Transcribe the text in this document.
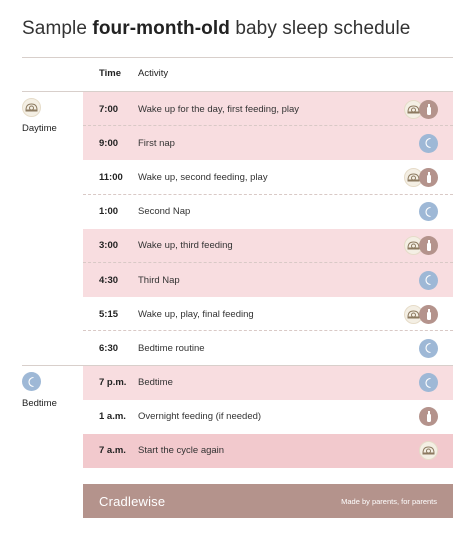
Sample four-month-old baby sleep schedule
Time Activity
Daytime
Bedtime
7:00 Wake up for the day, first feeding, play
9:00 First nap
11:00 Wake up, second feeding, play
1:00 Second Nap
3:00 Wake up, third feeding
4:30 Third Nap
5:15 Wake up, play, final feeding
6:30 Bedtime routine
7 p.m. Bedtime
1 a.m. Overnight feeding (if needed)
7 a.m. Start the cycle again
Cradlewise	Made by parents, for parents
